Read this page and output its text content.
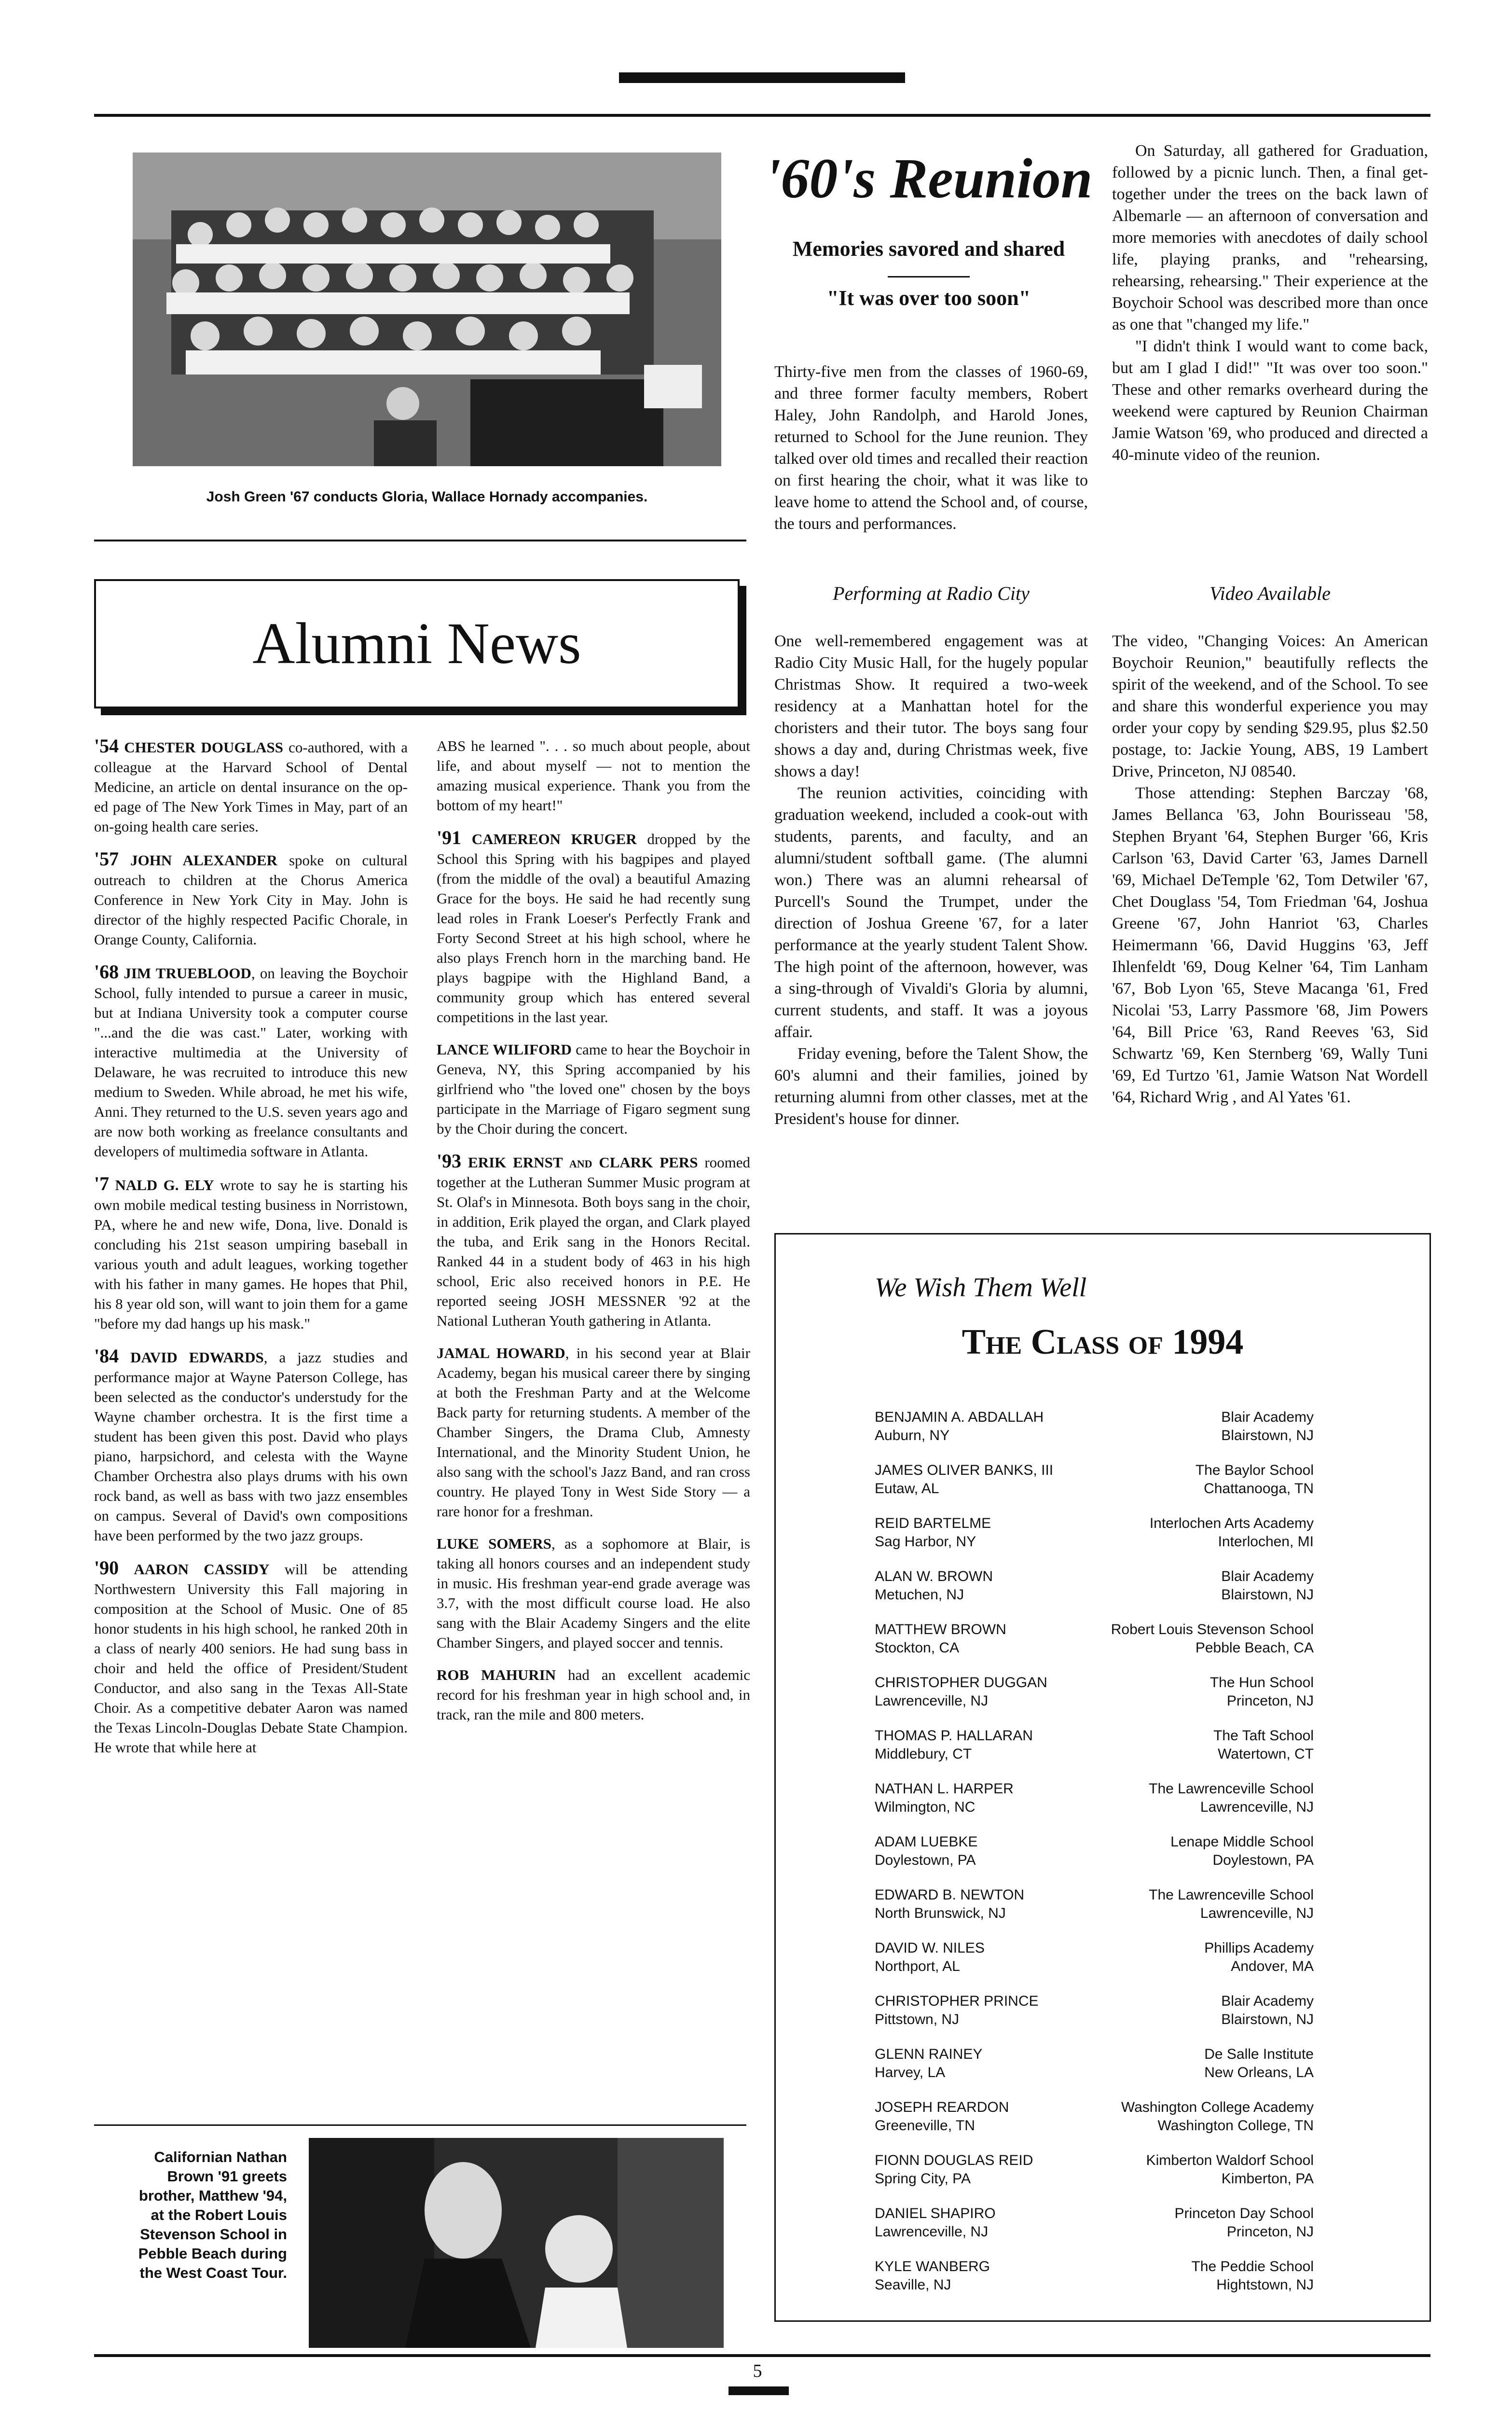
Josh Green '67 conducts Gloria, Wallace Hornady accompanies.
'60's Reunion
Memories savored and shared
"It was over too soon"

Thirty-five men from the classes of 1960-69, and three former faculty members, Robert Haley, John Randolph, and Harold Jones, returned to School for the June reunion. They talked over old times and recalled their reaction on first hearing the choir, what it was like to leave home to attend the School and, of course, the tours and performances.

On Saturday, all gathered for Graduation, followed by a picnic lunch. Then, a final get-together under the trees on the back lawn of Albemarle — an afternoon of conversation and more memories with anecdotes of daily school life, playing pranks, and "rehearsing, rehearsing, rehearsing." Their experience at the Boychoir School was described more than once as one that "changed my life."

"I didn't think I would want to come back, but am I glad I did!" "It was over too soon." These and other remarks overheard during the weekend were captured by Reunion Chairman Jamie Watson '69, who produced and directed a 40-minute video of the reunion.

Performing at Radio City

One well-remembered engagement was at Radio City Music Hall, for the hugely popular Christmas Show. It required a two-week residency at a Manhattan hotel for the choristers and their tutor. The boys sang four shows a day and, during Christmas week, five shows a day!

The reunion activities, coinciding with graduation weekend, included a cook-out with students, parents, and faculty, and an alumni/student softball game. (The alumni won.) There was an alumni rehearsal of Purcell's Sound the Trumpet, under the direction of Joshua Greene '67, for a later performance at the yearly student Talent Show. The high point of the afternoon, however, was a sing-through of Vivaldi's Gloria by alumni, current students, and staff. It was a joyous affair.

Friday evening, before the Talent Show, the 60's alumni and their families, joined by returning alumni from other classes, met at the President's house for dinner.

Video Available

The video, "Changing Voices: An American Boychoir Reunion," beautifully reflects the spirit of the weekend, and of the School. To see and share this wonderful experience you may order your copy by sending $29.95, plus $2.50 postage, to: Jackie Young, ABS, 19 Lambert Drive, Princeton, NJ 08540.

Those attending: Stephen Barczay '68, James Bellanca '63, John Bourisseau '58, Stephen Bryant '64, Stephen Burger '66, Kris Carlson '63, David Carter '63, James Darnell '69, Michael DeTemple '62, Tom Detwiler '67, Chet Douglass '54, Tom Friedman '64, Joshua Greene '67, John Hanriot '63, Charles Heimermann '66, David Huggins '63, Jeff Ihlenfeldt '69, Doug Kelner '64, Tim Lanham '67, Bob Lyon '65, Steve Macanga '61, Fred Nicolai '53, Larry Passmore '68, Jim Powers '64, Bill Price '63, Rand Reeves '63, Sid Schwartz '69, Ken Sternberg '69, Wally Tuni '69, Ed Turtzo '61, Jamie Watson Nat Wordell '64, Richard Wrig , and Al Yates '61.

Alumni News

'54 CHESTER DOUGLASS co-authored, with a colleague at the Harvard School of Dental Medicine, an article on dental insurance on the op-ed page of The New York Times in May, part of an on-going health care series.

'57 JOHN ALEXANDER spoke on cultural outreach to children at the Chorus America Conference in New York City in May. John is director of the highly respected Pacific Chorale, in Orange County, California.

'68 JIM TRUEBLOOD, on leaving the Boychoir School, fully intended to pursue a career in music, but at Indiana University took a computer course "...and the die was cast." Later, working with interactive multimedia at the University of Delaware, he was recruited to introduce this new medium to Sweden. While abroad, he met his wife, Anni. They returned to the U.S. seven years ago and are now both working as freelance consultants and developers of multimedia software in Atlanta.

'7 NALD G. ELY wrote to say he is starting his own mobile medical testing business in Norristown, PA, where he and new wife, Dona, live. Donald is concluding his 21st season umpiring baseball in various youth and adult leagues, working together with his father in many games. He hopes that Phil, his 8 year old son, will want to join them for a game "before my dad hangs up his mask."

'84 DAVID EDWARDS, a jazz studies and performance major at Wayne Paterson College, has been selected as the conductor's understudy for the Wayne chamber orchestra. It is the first time a student has been given this post. David who plays piano, harpsichord, and celesta with the Wayne Chamber Orchestra also plays drums with his own rock band, as well as bass with two jazz ensembles on campus. Several of David's own compositions have been performed by the two jazz groups.

'90 AARON CASSIDY will be attending Northwestern University this Fall majoring in composition at the School of Music. One of 85 honor students in his high school, he ranked 20th in a class of nearly 400 seniors. He had sung bass in choir and held the office of President/Student Conductor, and also sang in the Texas All-State Choir. As a competitive debater Aaron was named the Texas Lincoln-Douglas Debate State Champion. He wrote that while here at

ABS he learned ". . . so much about people, about life, and about myself — not to mention the amazing musical experience. Thank you from the bottom of my heart!"

'91 CAMEREON KRUGER dropped by the School this Spring with his bagpipes and played (from the middle of the oval) a beautiful Amazing Grace for the boys. He said he had recently sung lead roles in Frank Loeser's Perfectly Frank and Forty Second Street at his high school, where he also plays French horn in the marching band. He plays bagpipe with the Highland Band, a community group which has entered several competitions in the last year.

LANCE WILIFORD came to hear the Boychoir in Geneva, NY, this Spring accompanied by his girlfriend who "the loved one" chosen by the boys participate in the Marriage of Figaro segment sung by the Choir during the concert.

'93 ERIK ERNST and CLARK PERS roomed together at the Lutheran Summer Music program at St. Olaf's in Minnesota. Both boys sang in the choir, in addition, Erik played the organ, and Clark played the tuba, and Erik sang in the Honors Recital. Ranked 44 in a student body of 463 in his high school, Eric also received honors in P.E. He reported seeing JOSH MESSNER '92 at the National Lutheran Youth gathering in Atlanta.

JAMAL HOWARD, in his second year at Blair Academy, began his musical career there by singing at both the Freshman Party and at the Welcome Back party for returning students. A member of the Chamber Singers, the Drama Club, Amnesty International, and the Minority Student Union, he also sang with the school's Jazz Band, and ran cross country. He played Tony in West Side Story — a rare honor for a freshman.

LUKE SOMERS, as a sophomore at Blair, is taking all honors courses and an independent study in music. His freshman year-end grade average was 3.7, with the most difficult course load. He also sang with the Blair Academy Singers and the elite Chamber Singers, and played soccer and tennis.

ROB MAHURIN had an excellent academic record for his freshman year in high school and, in track, ran the mile and 800 meters.

Californian Nathan Brown '91 greets brother, Matthew '94, at the Robert Louis Stevenson School in Pebble Beach during the West Coast Tour.
We Wish Them Well
The Class of 1994
BENJAMIN A. ABDALLAH
Auburn, NY
Blair Academy
Blairstown, NJ
JAMES OLIVER BANKS, III
Eutaw, AL
The Baylor School
Chattanooga, TN
REID BARTELME
Sag Harbor, NY
Interlochen Arts Academy
Interlochen, MI
ALAN W. BROWN
Metuchen, NJ
Blair Academy
Blairstown, NJ
MATTHEW BROWN
Stockton, CA
Robert Louis Stevenson School
Pebble Beach, CA
CHRISTOPHER DUGGAN
Lawrenceville, NJ
The Hun School
Princeton, NJ
THOMAS P. HALLARAN
Middlebury, CT
The Taft School
Watertown, CT
NATHAN L. HARPER
Wilmington, NC
The Lawrenceville School
Lawrenceville, NJ
ADAM LUEBKE
Doylestown, PA
Lenape Middle School
Doylestown, PA
EDWARD B. NEWTON
North Brunswick, NJ
The Lawrenceville School
Lawrenceville, NJ
DAVID W. NILES
Northport, AL
Phillips Academy
Andover, MA
CHRISTOPHER PRINCE
Pittstown, NJ
Blair Academy
Blairstown, NJ
GLENN RAINEY
Harvey, LA
De Salle Institute
New Orleans, LA
JOSEPH REARDON
Greeneville, TN
Washington College Academy
Washington College, TN
FIONN DOUGLAS REID
Spring City, PA
Kimberton Waldorf School
Kimberton, PA
DANIEL SHAPIRO
Lawrenceville, NJ
Princeton Day School
Princeton, NJ
KYLE WANBERG
Seaville, NJ
The Peddie School
Hightstown, NJ
5
